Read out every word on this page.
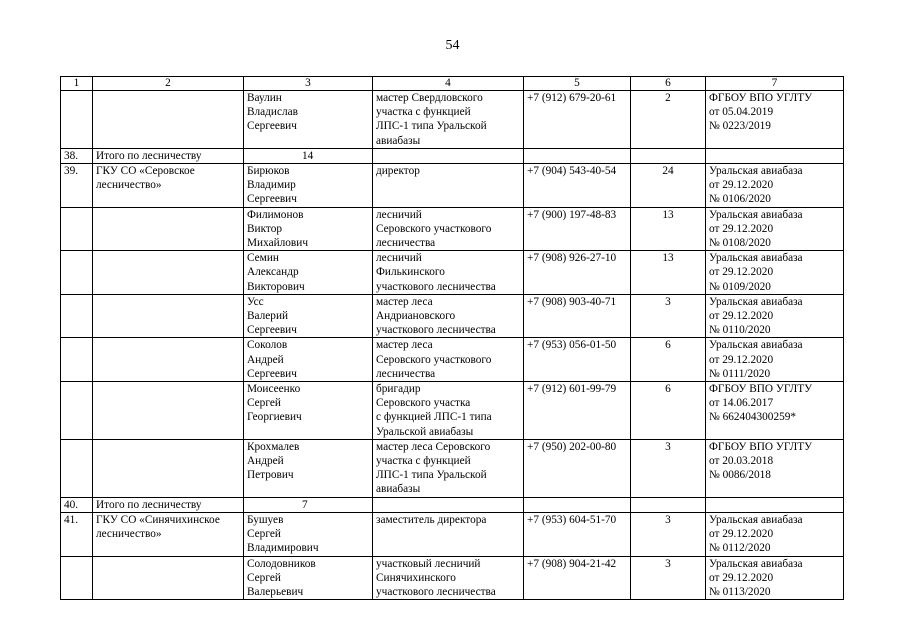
54
1	2	3	4	5	6	7

		Ваулин
Владислав
Сергеевич	мастер Свердловского
участка с функцией
ЛПС-1 типа Уральской
авиабазы	+7 (912) 679-20-61	2	ФГБОУ ВПО УГЛТУ
от 05.04.2019
№ 0223/2019

38.	Итого по лесничеству	14				
39.	ГКУ СО «Серовское
лесничество»	Бирюков
Владимир
Сергеевич	директор	+7 (904) 543-40-54	24	Уральская авиабаза
от 29.12.2020
№ 0106/2020

		Филимонов
Виктор
Михайлович	лесничий
Серовского участкового
лесничества	+7 (900) 197-48-83	13	Уральская авиабаза
от 29.12.2020
№ 0108/2020

		Семин
Александр
Викторович	лесничий
Филькинского
участкового лесничества	+7 (908) 926-27-10	13	Уральская авиабаза
от 29.12.2020
№ 0109/2020

		Усс
Валерий
Сергеевич	мастер леса
Андриановского
участкового лесничества	+7 (908) 903-40-71	3	Уральская авиабаза
от 29.12.2020
№ 0110/2020

		Соколов
Андрей
Сергеевич	мастер леса
Серовского участкового
лесничества	+7 (953) 056-01-50	6	Уральская авиабаза
от 29.12.2020
№ 0111/2020

		Моисеенко
Сергей
Георгиевич	бригадир
Серовского участка
с функцией ЛПС-1 типа
Уральской авиабазы	+7 (912) 601-99-79	6	ФГБОУ ВПО УГЛТУ
от 14.06.2017
№ 662404300259*

		Крохмалев
Андрей
Петрович	мастер леса Серовского
участка с функцией
ЛПС-1 типа Уральской
авиабазы	+7 (950) 202-00-80	3	ФГБОУ ВПО УГЛТУ
от 20.03.2018
№ 0086/2018

40.	Итого по лесничеству	7				
41.	ГКУ СО «Синячихинское
лесничество»	Бушуев
Сергей
Владимирович	заместитель директора	+7 (953) 604-51-70	3	Уральская авиабаза
от 29.12.2020
№ 0112/2020

		Солодовников
Сергей
Валерьевич	участковый лесничий
Синячихинского
участкового лесничества	+7 (908) 904-21-42	3	Уральская авиабаза
от 29.12.2020
№ 0113/2020
